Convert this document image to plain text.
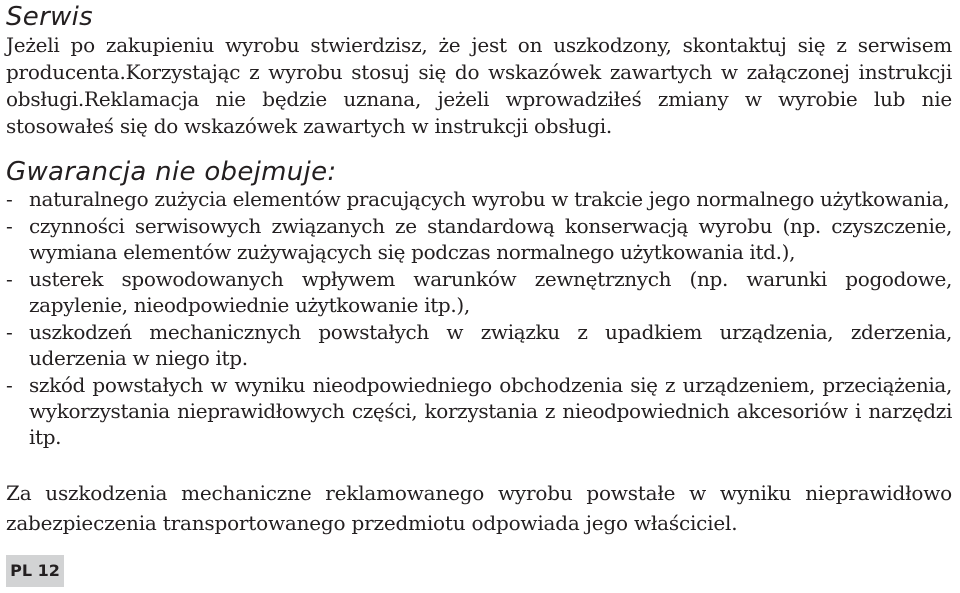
Serwis

Jeżeli po zakupieniu wyrobu stwierdzisz, że jest on uszkodzony, skontaktuj się z serwisem producenta.Korzystając z wyrobu stosuj się do wskazówek zawartych w załączonej instrukcji obsługi.Reklamacja nie będzie uznana, jeżeli wprowadziłeś zmiany w wyrobie lub nie stosowałeś się do wskazówek zawartych w instrukcji obsługi.

Gwarancja nie obejmuje:
- naturalnego zużycia elementów pracujących wyrobu w trakcie jego normalnego użytkowania,
- czynności serwisowych związanych ze standardową konserwacją wyrobu (np. czyszczenie, wymiana elementów zużywających się podczas normalnego użytkowania itd.),
- usterek spowodowanych wpływem warunków zewnętrznych (np. warunki pogodowe, zapylenie, nieodpowiednie użytkowanie itp.),
- uszkodzeń mechanicznych powstałych w związku z upadkiem urządzenia, zderzenia, uderzenia w niego itp.
- szkód powstałych w wyniku nieodpowiedniego obchodzenia się z urządzeniem, przeciążenia, wykorzystania nieprawidłowych części, korzystania z nieodpowiednich akcesoriów i narzędzi itp.

Za uszkodzenia mechaniczne reklamowanego wyrobu powstałe w wyniku nieprawidłowo zabezpieczenia transportowanego przedmiotu odpowiada jego właściciel.

PL 12
